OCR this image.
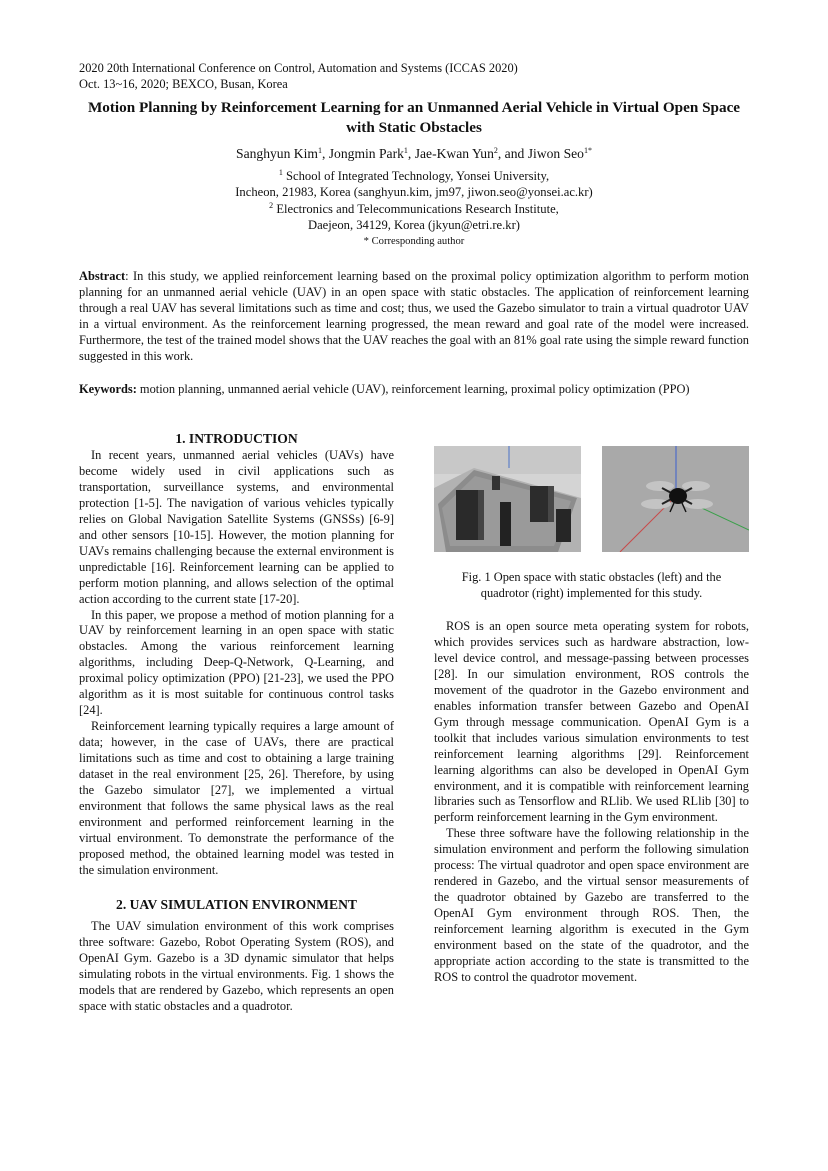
2020 20th International Conference on Control, Automation and Systems (ICCAS 2020)
Oct. 13~16, 2020; BEXCO, Busan, Korea
Motion Planning by Reinforcement Learning for an Unmanned Aerial Vehicle in Virtual Open Space with Static Obstacles
Sanghyun Kim$^1$, Jongmin Park$^1$, Jae-Kwan Yun$^2$, and Jiwon Seo$^{1*}$
$^1$ School of Integrated Technology, Yonsei University,
Incheon, 21983, Korea (sanghyun.kim, jm97, jiwon.seo@yonsei.ac.kr)
$^2$ Electronics and Telecommunications Research Institute,
Daejeon, 34129, Korea (jkyun@etri.re.kr)
* Corresponding author

Abstract: In this study, we applied reinforcement learning based on the proximal policy optimization algorithm to perform motion planning for an unmanned aerial vehicle (UAV) in an open space with static obstacles. The application of reinforcement learning through a real UAV has several limitations such as time and cost; thus, we used the Gazebo simulator to train a virtual quadrotor UAV in a virtual environment. As the reinforcement learning progressed, the mean reward and goal rate of the model were increased. Furthermore, the test of the trained model shows that the UAV reaches the goal with an 81% goal rate using the simple reward function suggested in this work.

Keywords: motion planning, unmanned aerial vehicle (UAV), reinforcement learning, proximal policy optimization (PPO)

1. INTRODUCTION

In recent years, unmanned aerial vehicles (UAVs) have become widely used in civil applications such as transportation, surveillance systems, and environmental protection [1-5]. The navigation of various vehicles typically relies on Global Navigation Satellite Systems (GNSSs) [6-9] and other sensors [10-15]. However, the motion planning for UAVs remains challenging because the external environment is unpredictable [16]. Reinforcement learning can be applied to perform motion planning, and allows selection of the optimal action according to the current state [17-20].

In this paper, we propose a method of motion planning for a UAV by reinforcement learning in an open space with static obstacles. Among the various reinforcement learning algorithms, including Deep-Q-Network, Q-Learning, and proximal policy optimization (PPO) [21-23], we used the PPO algorithm as it is most suitable for continuous control tasks [24].

Reinforcement learning typically requires a large amount of data; however, in the case of UAVs, there are practical limitations such as time and cost to obtaining a large training dataset in the real environment [25, 26]. Therefore, by using the Gazebo simulator [27], we implemented a virtual environment that follows the same physical laws as the real environment and performed reinforcement learning in the virtual environment. To demonstrate the performance of the proposed method, the obtained learning model was tested in the simulation environment.

2. UAV SIMULATION ENVIRONMENT

The UAV simulation environment of this work comprises three software: Gazebo, Robot Operating System (ROS), and OpenAI Gym. Gazebo is a 3D dynamic simulator that helps simulating robots in the virtual environments. Fig. 1 shows the models that are rendered by Gazebo, which represents an open space with static obstacles and a quadrotor.

Fig. 1 Open space with static obstacles (left) and the quadrotor (right) implemented for this study.

ROS is an open source meta operating system for robots, which provides services such as hardware abstraction, low-level device control, and message-passing between processes [28]. In our simulation environment, ROS controls the movement of the quadrotor in the Gazebo environment and enables information transfer between Gazebo and OpenAI Gym through message communication. OpenAI Gym is a toolkit that includes various simulation environments to test reinforcement learning algorithms [29]. Reinforcement learning algorithms can also be developed in OpenAI Gym environment, and it is compatible with reinforcement learning libraries such as Tensorflow and RLlib. We used RLlib [30] to perform reinforcement learning in the Gym environment.

These three software have the following relationship in the simulation environment and perform the following simulation process: The virtual quadrotor and open space environment are rendered in Gazebo, and the virtual sensor measurements of the quadrotor obtained by Gazebo are transferred to the OpenAI Gym environment through ROS. Then, the reinforcement learning algorithm is executed in the Gym environment based on the state of the quadrotor, and the appropriate action according to the state is transmitted to the ROS to control the quadrotor movement.
